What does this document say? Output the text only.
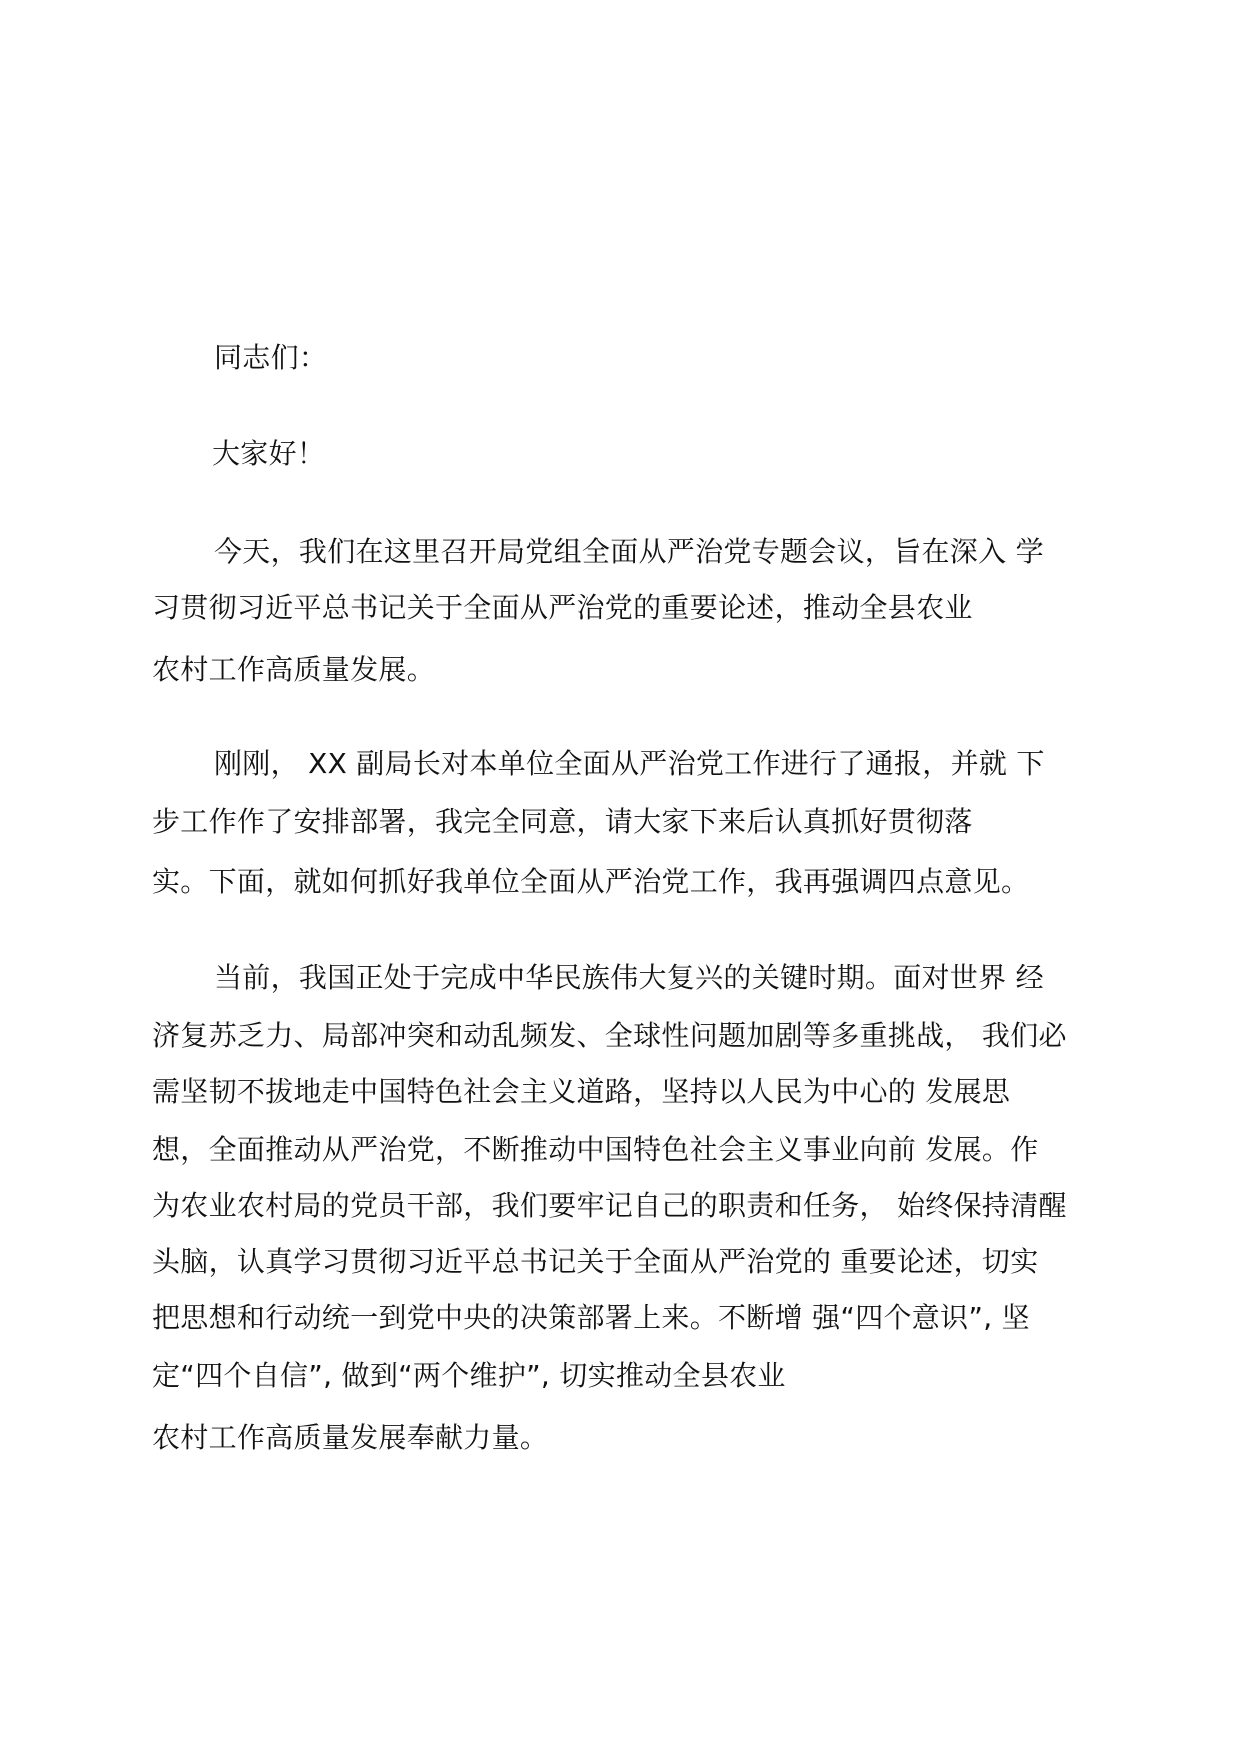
同志们：
大家好！
今天，我们在这里召开局党组全面从严治党专题会议，旨在深入 学
习贯彻习近平总书记关于全面从严治党的重要论述，推动全县农业
农村工作高质量发展。
刚刚， XX 副局长对本单位全面从严治党工作进行了通报，并就 下
步工作作了安排部署，我完全同意，请大家下来后认真抓好贯彻落
实。下面，就如何抓好我单位全面从严治党工作，我再强调四点意见。
当前，我国正处于完成中华民族伟大复兴的关键时期。面对世界 经
济复苏乏力、局部冲突和动乱频发、全球性问题加剧等多重挑战， 我们必
需坚韧不拔地走中国特色社会主义道路，坚持以人民为中心的 发展思
想，全面推动从严治党，不断推动中国特色社会主义事业向前 发展。作
为农业农村局的党员干部，我们要牢记自己的职责和任务， 始终保持清醒
头脑，认真学习贯彻习近平总书记关于全面从严治党的 重要论述，切实
把思想和行动统一到党中央的决策部署上来。不断增 强“四个意识”, 坚
定“四个自信”, 做到“两个维护”, 切实推动全县农业
农村工作高质量发展奉献力量。
